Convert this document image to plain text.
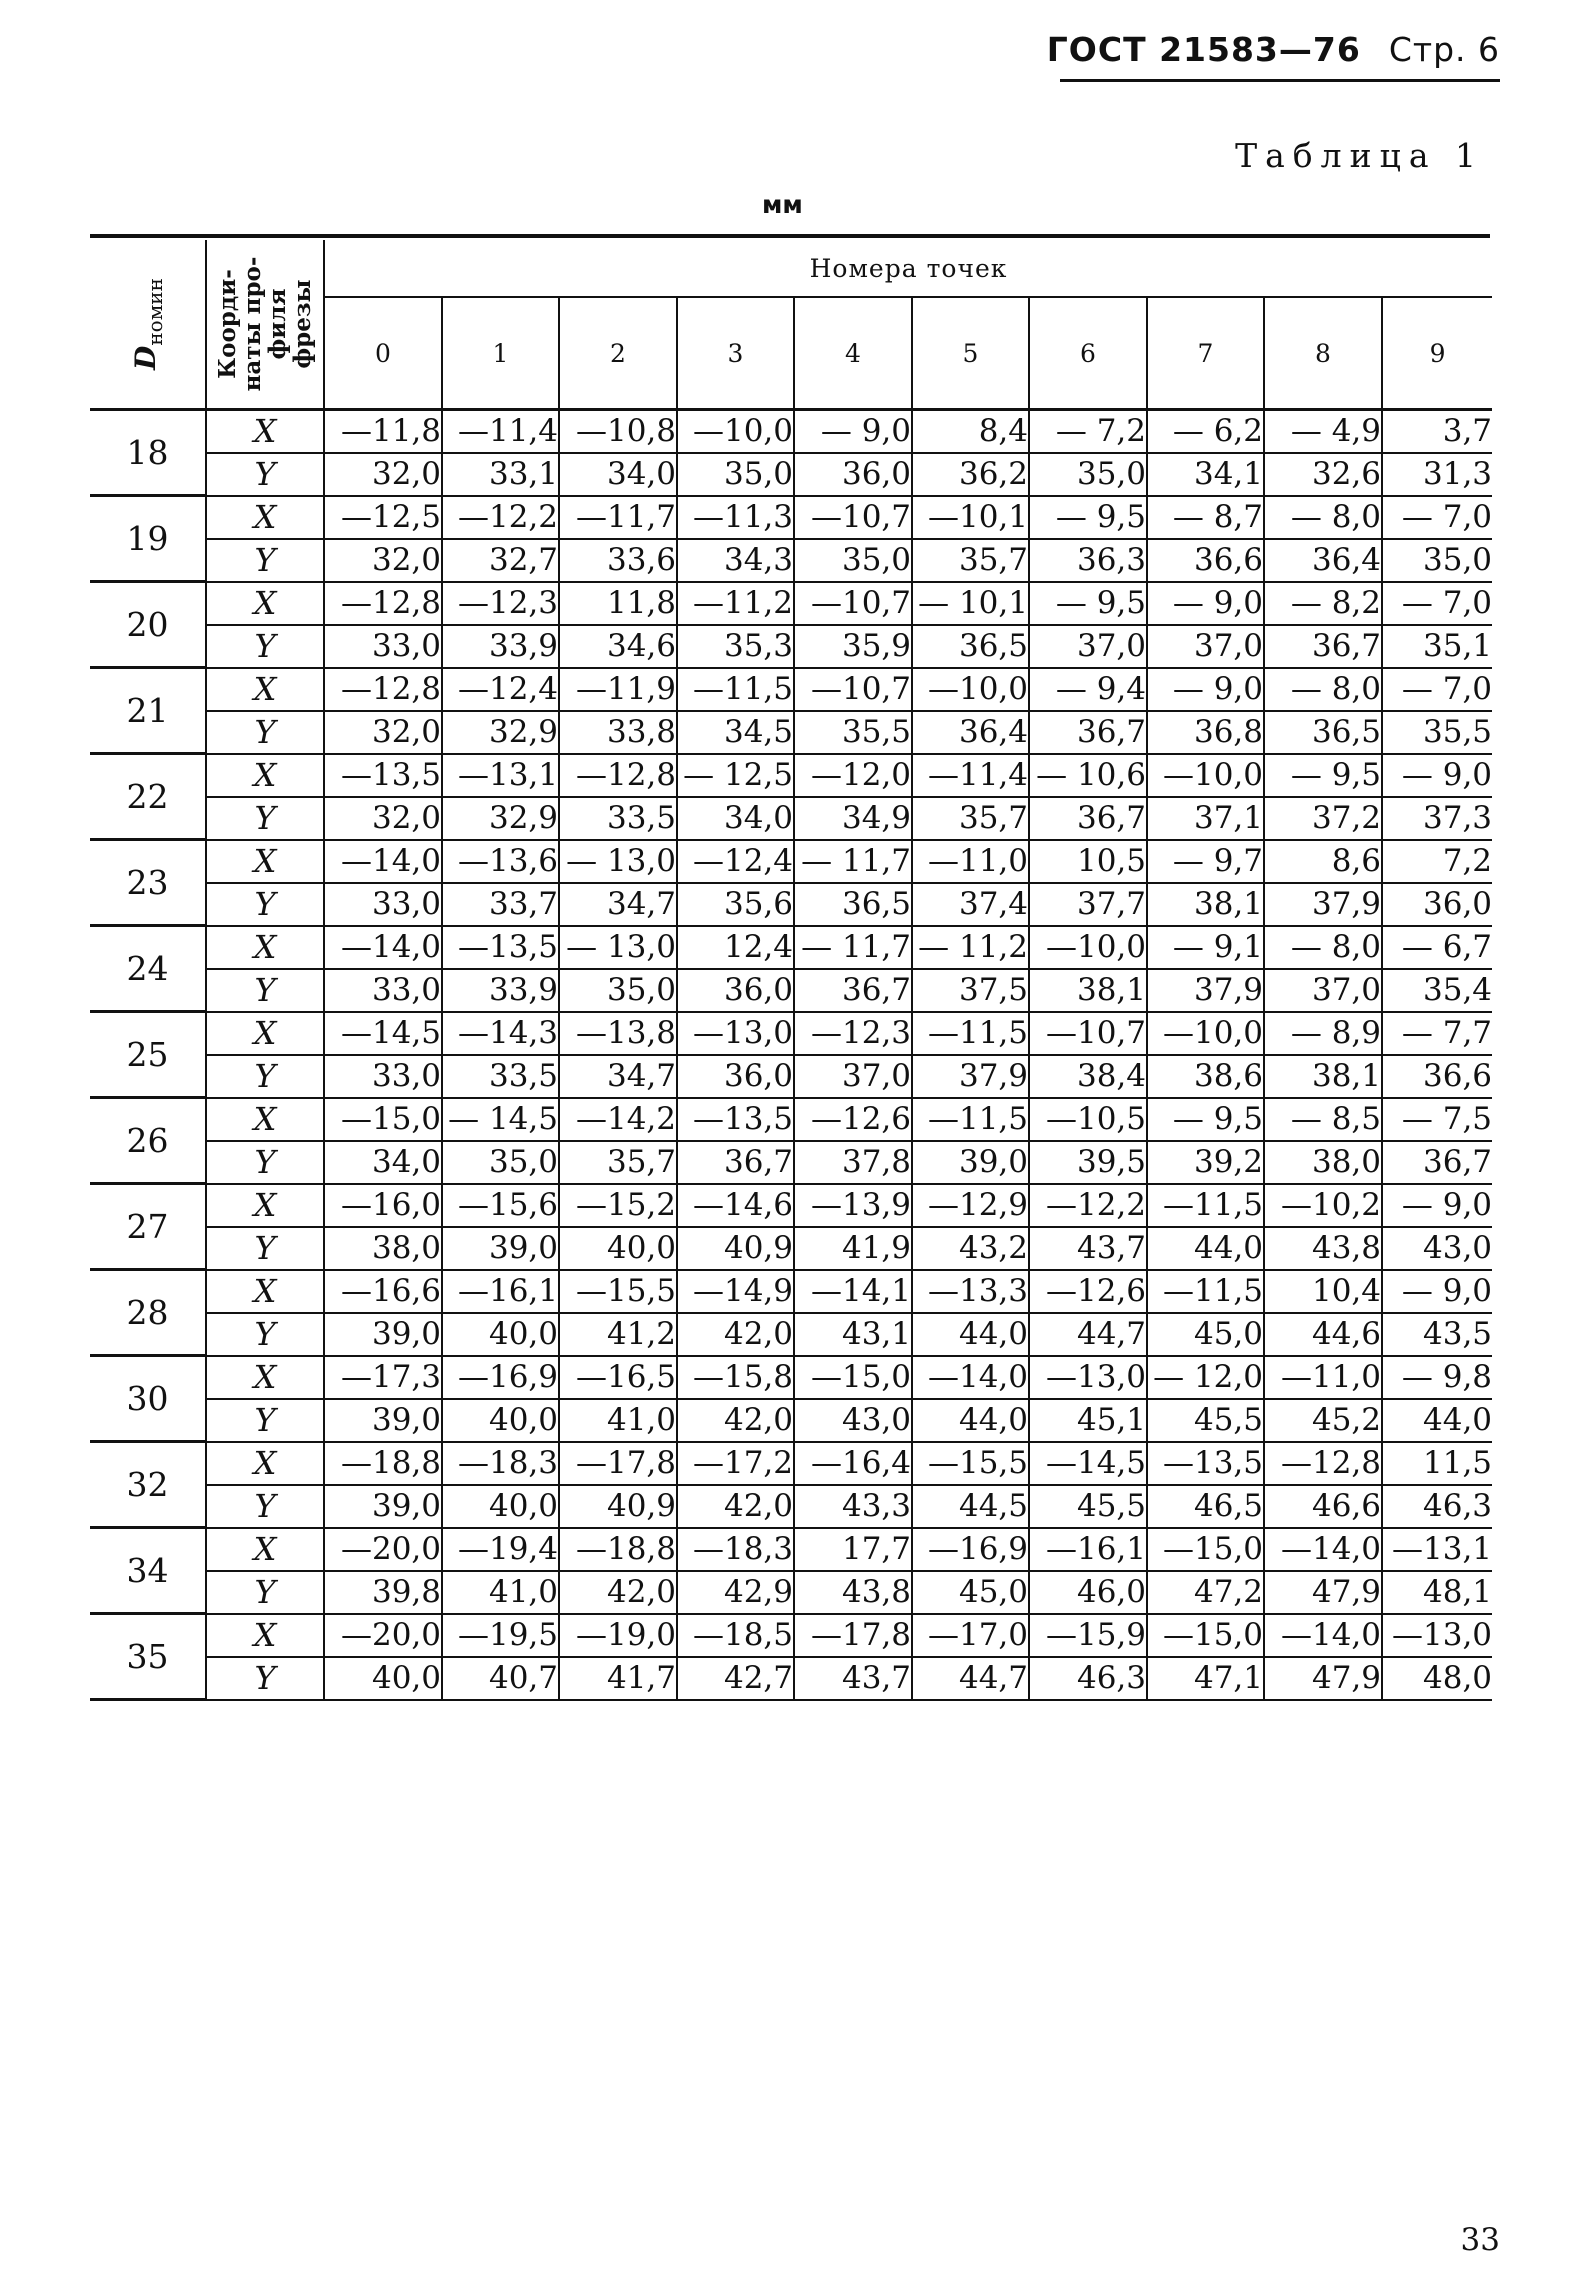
ГОСТ 21583—76 Стр. 6
Таблица 1
мм
$D_{номин}$	Коорди-
наты про-
филя
фрезы	Номера точек									
		0	1	2	3	4	5	6	7	8	9
18	X	—11,8	—11,4	—10,8	—10,0	— 9,0	8,4	— 7,2	— 6,2	— 4,9	3,7
	Y	32,0	33,1	34,0	35,0	36,0	36,2	35,0	34,1	32,6	31,3
19	X	—12,5	—12,2	—11,7	—11,3	—10,7	—10,1	— 9,5	— 8,7	— 8,0	— 7,0
	Y	32,0	32,7	33,6	34,3	35,0	35,7	36,3	36,6	36,4	35,0
20	X	—12,8	—12,3	11,8	—11,2	—10,7	— 10,1	— 9,5	— 9,0	— 8,2	— 7,0
	Y	33,0	33,9	34,6	35,3	35,9	36,5	37,0	37,0	36,7	35,1
21	X	—12,8	—12,4	—11,9	—11,5	—10,7	—10,0	— 9,4	— 9,0	— 8,0	— 7,0
	Y	32,0	32,9	33,8	34,5	35,5	36,4	36,7	36,8	36,5	35,5
22	X	—13,5	—13,1	—12,8	— 12,5	—12,0	—11,4	— 10,6	—10,0	— 9,5	— 9,0
	Y	32,0	32,9	33,5	34,0	34,9	35,7	36,7	37,1	37,2	37,3
23	X	—14,0	—13,6	— 13,0	—12,4	— 11,7	—11,0	10,5	— 9,7	8,6	7,2
	Y	33,0	33,7	34,7	35,6	36,5	37,4	37,7	38,1	37,9	36,0
24	X	—14,0	—13,5	— 13,0	12,4	— 11,7	— 11,2	—10,0	— 9,1	— 8,0	— 6,7
	Y	33,0	33,9	35,0	36,0	36,7	37,5	38,1	37,9	37,0	35,4
25	X	—14,5	—14,3	—13,8	—13,0	—12,3	—11,5	—10,7	—10,0	— 8,9	— 7,7
	Y	33,0	33,5	34,7	36,0	37,0	37,9	38,4	38,6	38,1	36,6
26	X	—15,0	— 14,5	—14,2	—13,5	—12,6	—11,5	—10,5	— 9,5	— 8,5	— 7,5
	Y	34,0	35,0	35,7	36,7	37,8	39,0	39,5	39,2	38,0	36,7
27	X	—16,0	—15,6	—15,2	—14,6	—13,9	—12,9	—12,2	—11,5	—10,2	— 9,0
	Y	38,0	39,0	40,0	40,9	41,9	43,2	43,7	44,0	43,8	43,0
28	X	—16,6	—16,1	—15,5	—14,9	—14,1	—13,3	—12,6	—11,5	10,4	— 9,0
	Y	39,0	40,0	41,2	42,0	43,1	44,0	44,7	45,0	44,6	43,5
30	X	—17,3	—16,9	—16,5	—15,8	—15,0	—14,0	—13,0	— 12,0	—11,0	— 9,8
	Y	39,0	40,0	41,0	42,0	43,0	44,0	45,1	45,5	45,2	44,0
32	X	—18,8	—18,3	—17,8	—17,2	—16,4	—15,5	—14,5	—13,5	—12,8	11,5
	Y	39,0	40,0	40,9	42,0	43,3	44,5	45,5	46,5	46,6	46,3
34	X	—20,0	—19,4	—18,8	—18,3	17,7	—16,9	—16,1	—15,0	—14,0	—13,1
	Y	39,8	41,0	42,0	42,9	43,8	45,0	46,0	47,2	47,9	48,1
35	X	—20,0	—19,5	—19,0	—18,5	—17,8	—17,0	—15,9	—15,0	—14,0	—13,0
	Y	40,0	40,7	41,7	42,7	43,7	44,7	46,3	47,1	47,9	48,0
33
